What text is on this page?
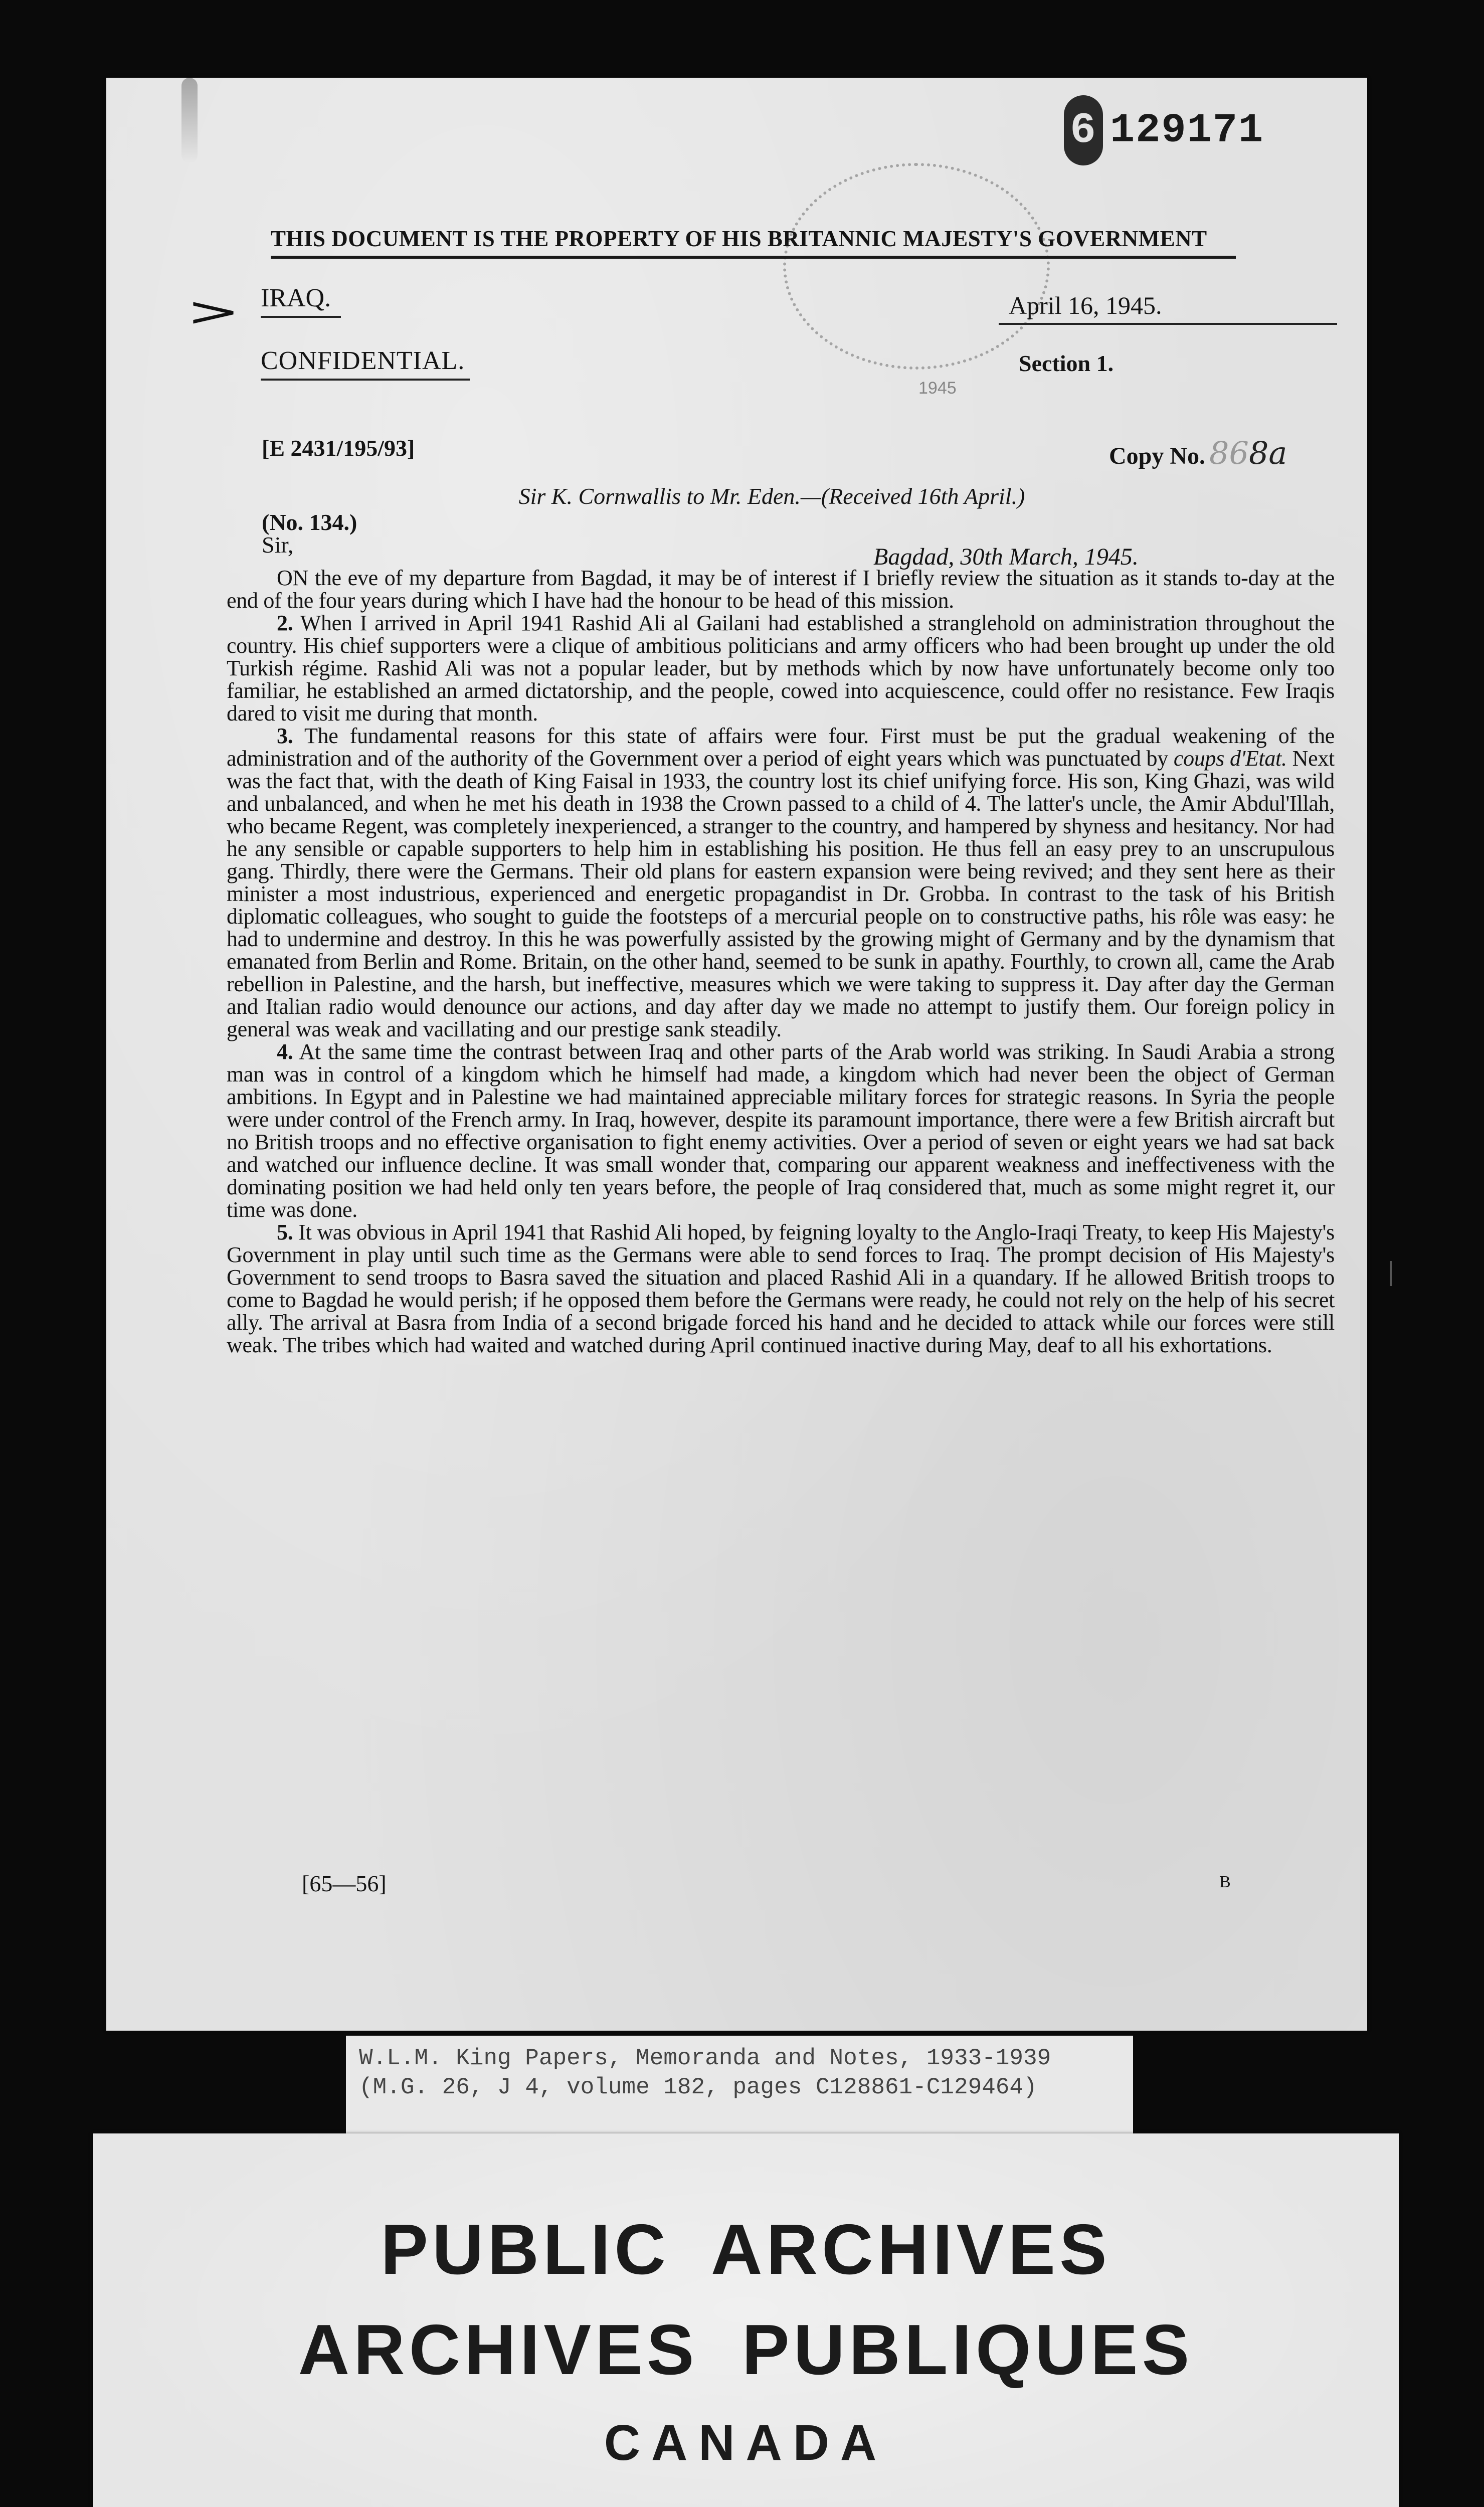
6 129171
1945
THIS DOCUMENT IS THE PROPERTY OF HIS BRITANNIC MAJESTY'S GOVERNMENT
> IRAQ.	April 16, 1945.
CONFIDENTIAL.	Section 1.
[E 2431/195/93]	Copy No. 868a
Sir K. Cornwallis to Mr. Eden.—(Received 16th April.)
(No. 134.)
Sir,	Bagdad, 30th March, 1945.

ON the eve of my departure from Bagdad, it may be of interest if I briefly review the situation as it stands to-day at the end of the four years during which I have had the honour to be head of this mission.

2. When I arrived in April 1941 Rashid Ali al Gailani had established a stranglehold on administration throughout the country. His chief supporters were a clique of ambitious politicians and army officers who had been brought up under the old Turkish régime. Rashid Ali was not a popular leader, but by methods which by now have unfortunately become only too familiar, he established an armed dictatorship, and the people, cowed into acquiescence, could offer no resistance. Few Iraqis dared to visit me during that month.

3. The fundamental reasons for this state of affairs were four. First must be put the gradual weakening of the administration and of the authority of the Government over a period of eight years which was punctuated by coups d'Etat. Next was the fact that, with the death of King Faisal in 1933, the country lost its chief unifying force. His son, King Ghazi, was wild and unbalanced, and when he met his death in 1938 the Crown passed to a child of 4. The latter's uncle, the Amir Abdul'Illah, who became Regent, was completely inexperienced, a stranger to the country, and hampered by shyness and hesitancy. Nor had he any sensible or capable supporters to help him in establishing his position. He thus fell an easy prey to an unscrupulous gang. Thirdly, there were the Germans. Their old plans for eastern expansion were being revived; and they sent here as their minister a most industrious, experienced and energetic propagandist in Dr. Grobba. In contrast to the task of his British diplomatic colleagues, who sought to guide the footsteps of a mercurial people on to constructive paths, his rôle was easy: he had to undermine and destroy. In this he was powerfully assisted by the growing might of Germany and by the dynamism that emanated from Berlin and Rome. Britain, on the other hand, seemed to be sunk in apathy. Fourthly, to crown all, came the Arab rebellion in Palestine, and the harsh, but ineffective, measures which we were taking to suppress it. Day after day the German and Italian radio would denounce our actions, and day after day we made no attempt to justify them. Our foreign policy in general was weak and vacillating and our prestige sank steadily.

4. At the same time the contrast between Iraq and other parts of the Arab world was striking. In Saudi Arabia a strong man was in control of a kingdom which he himself had made, a kingdom which had never been the object of German ambitions. In Egypt and in Palestine we had maintained appreciable military forces for strategic reasons. In Syria the people were under control of the French army. In Iraq, however, despite its paramount importance, there were a few British aircraft but no British troops and no effective organisation to fight enemy activities. Over a period of seven or eight years we had sat back and watched our influence decline. It was small wonder that, comparing our apparent weakness and ineffectiveness with the dominating position we had held only ten years before, the people of Iraq considered that, much as some might regret it, our time was done.

5. It was obvious in April 1941 that Rashid Ali hoped, by feigning loyalty to the Anglo-Iraqi Treaty, to keep His Majesty's Government in play until such time as the Germans were able to send forces to Iraq. The prompt decision of His Majesty's Government to send troops to Basra saved the situation and placed Rashid Ali in a quandary. If he allowed British troops to come to Bagdad he would perish; if he opposed them before the Germans were ready, he could not rely on the help of his secret ally. The arrival at Basra from India of a second brigade forced his hand and he decided to attack while our forces were still weak. The tribes which had waited and watched during April continued inactive during May, deaf to all his exhortations.

[65—56]	B
W.L.M. King Papers, Memoranda and Notes, 1933-1939
(M.G. 26, J 4, volume 182, pages C128861-C129464)
PUBLIC ARCHIVES
ARCHIVES PUBLIQUES
CANADA
